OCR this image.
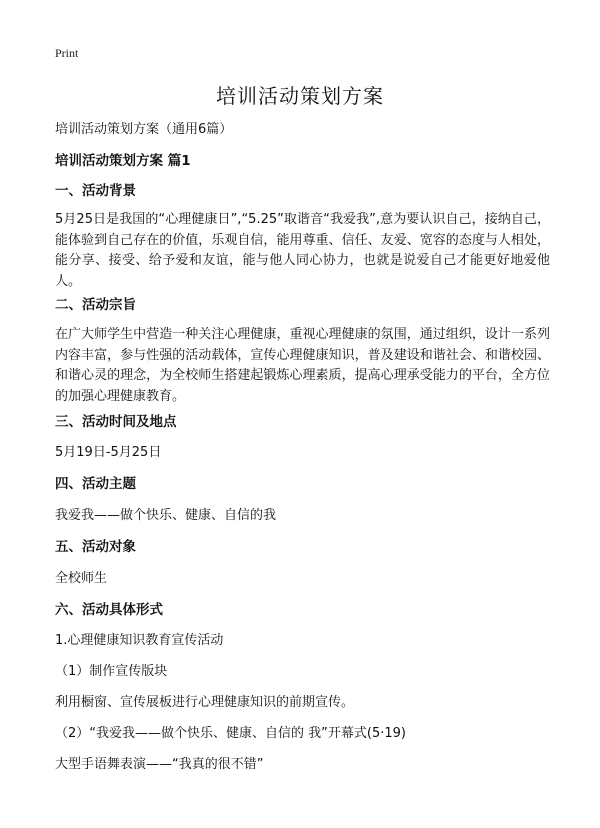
Print
培训活动策划方案
培训活动策划方案（通用6篇）
培训活动策划方案 篇1
一、活动背景
5月25日是我国的“心理健康日”,“5.25”取谐音“我爱我”,意为要认识自己，接纳自己，能体验到自己存在的价值，乐观自信，能用尊重、信任、友爱、宽容的态度与人相处，能分享、接受、给予爱和友谊，能与他人同心协力，也就是说爱自己才能更好地爱他人。
二、活动宗旨
在广大师学生中营造一种关注心理健康，重视心理健康的氛围，通过组织，设计一系列内容丰富，参与性强的活动载体，宣传心理健康知识，普及建设和谐社会、和谐校园、和谐心灵的理念，为全校师生搭建起锻炼心理素质，提高心理承受能力的平台，全方位的加强心理健康教育。
三、活动时间及地点
5月19日-5月25日
四、活动主题
我爱我——做个快乐、健康、自信的我
五、活动对象
全校师生
六、活动具体形式
1.心理健康知识教育宣传活动
（1）制作宣传版块
利用橱窗、宣传展板进行心理健康知识的前期宣传。
（2）“我爱我——做个快乐、健康、自信的 我”开幕式(5·19)
大型手语舞表演——“我真的很不错”
